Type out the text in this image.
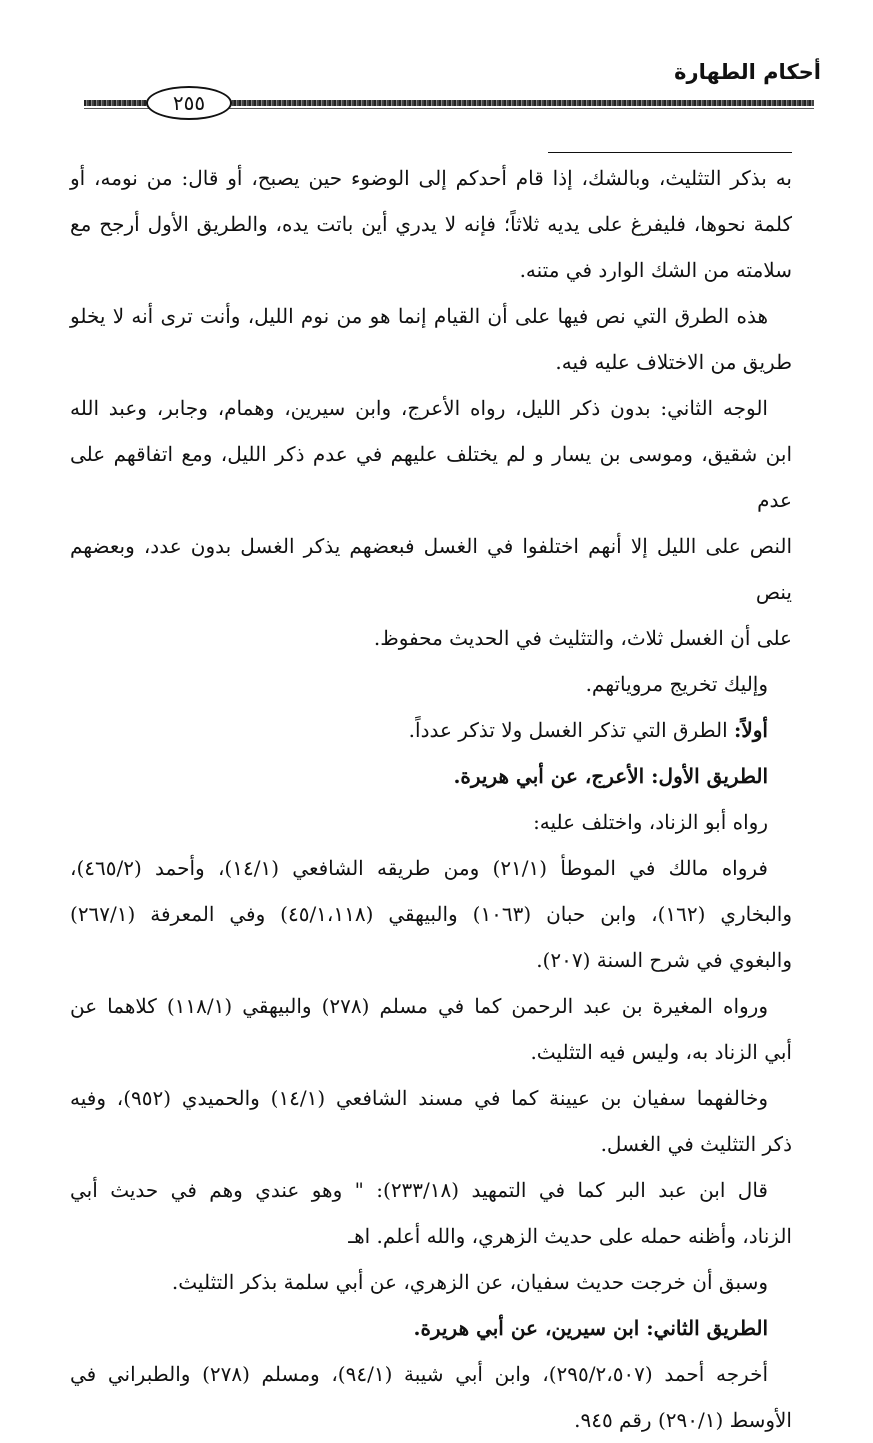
أحكام الطهارة
٢٥٥

به بذكر التثليث، وبالشك، إذا قام أحدكم إلى الوضوء حين يصبح، أو قال: من نومه، أو

كلمة نحوها، فليفرغ على يديه ثلاثاً؛ فإنه لا يدري أين باتت يده، والطريق الأول أرجح مع

سلامته من الشك الوارد في متنه.

هذه الطرق التي نص فيها على أن القيام إنما هو من نوم الليل، وأنت ترى أنه لا يخلو

طريق من الاختلاف عليه فيه.

الوجه الثاني: بدون ذكر الليل، رواه الأعرج، وابن سيرين، وهمام، وجابر، وعبد الله

ابن شقيق، وموسى بن يسار و لم يختلف عليهم في عدم ذكر الليل، ومع اتفاقهم على عدم

النص على الليل إلا أنهم اختلفوا في الغسل فبعضهم يذكر الغسل بدون عدد، وبعضهم ينص

على أن الغسل ثلاث، والتثليث في الحديث محفوظ.

وإليك تخريج مروياتهم.

أولاً: الطرق التي تذكر الغسل ولا تذكر عدداً.

الطريق الأول: الأعرج، عن أبي هريرة.

رواه أبو الزناد، واختلف عليه:

فرواه مالك في الموطأ (٢١/١) ومن طريقه الشافعي (١٤/١)، وأحمد (٤٦٥/٢)،

والبخاري (١٦٢)، وابن حبان (١٠٦٣) والبيهقي (٤٥/١،١١٨) وفي المعرفة (٢٦٧/١)

والبغوي في شرح السنة (٢٠٧).

ورواه المغيرة بن عبد الرحمن كما في مسلم (٢٧٨) والبيهقي (١١٨/١) كلاهما عن

أبي الزناد به، وليس فيه التثليث.

وخالفهما سفيان بن عيينة كما في مسند الشافعي (١٤/١) والحميدي (٩٥٢)، وفيه

ذكر التثليث في الغسل.

قال ابن عبد البر كما في التمهيد (٢٣٣/١٨): " وهو عندي وهم في حديث أبي

الزناد، وأظنه حمله على حديث الزهري، والله أعلم. اهـ

وسبق أن خرجت حديث سفيان، عن الزهري، عن أبي سلمة بذكر التثليث.

الطريق الثاني: ابن سيرين، عن أبي هريرة.

أخرجه أحمد (٢٩٥/٢،٥٠٧)، وابن أبي شيبة (٩٤/١)، ومسلم (٢٧٨) والطبراني في

الأوسط (٢٩٠/١) رقم ٩٤٥.
